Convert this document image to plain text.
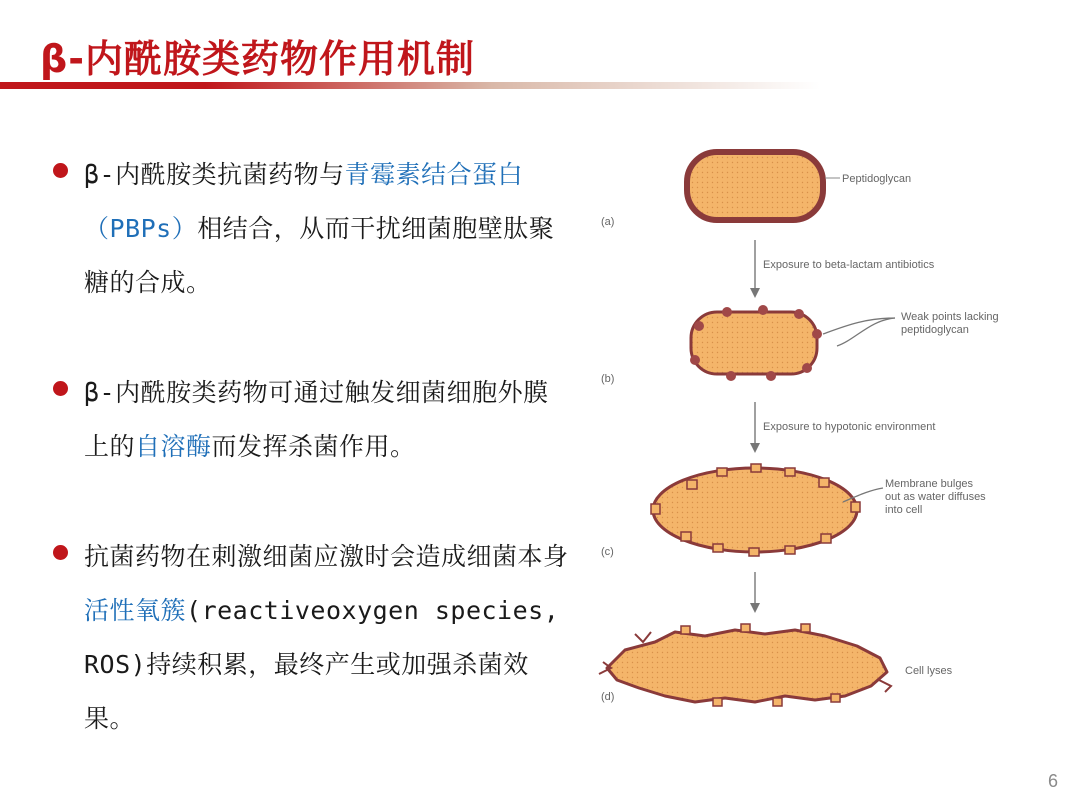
β-内酰胺类药物作用机制
β-内酰胺类抗菌药物与青霉素结合蛋白（PBPs）相结合，从而干扰细菌胞壁肽聚糖的合成。
β-内酰胺类药物可通过触发细菌细胞外膜上的自溶酶而发挥杀菌作用。
抗菌药物在刺激细菌应激时会造成细菌本身活性氧簇(reactiveoxygen species, ROS)持续积累，最终产生或加强杀菌效果。
Peptidoglycan
(a)
Exposure to beta-lactam antibiotics
Weak points lacking
peptidoglycan
(b)
Exposure to hypotonic environment
Membrane bulges
out as water diffuses
into cell
(c)
Cell lyses
(d)
6
